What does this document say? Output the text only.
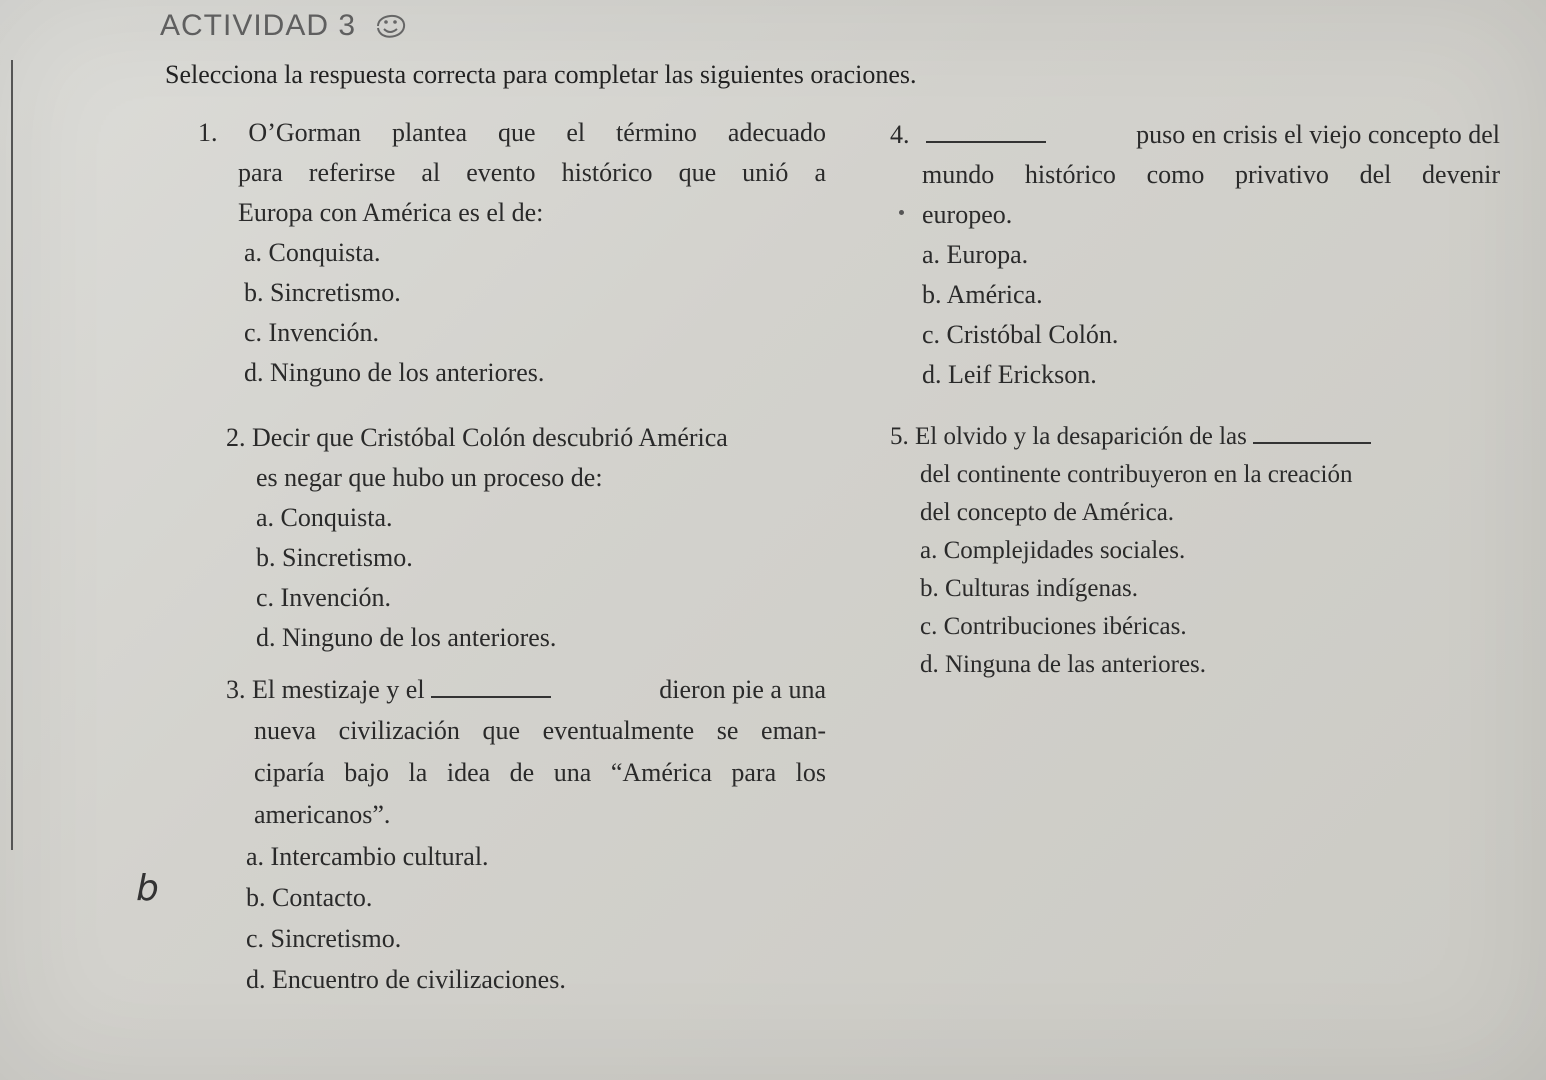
ACTIVIDAD 3
Selecciona la respuesta correcta para completar las siguientes oraciones.
1. O’Gorman plantea que el término adecuado
para referirse al evento histórico que unió a
Europa con América es el de:
a. Conquista.
b. Sincretismo.
c. Invención.
d. Ninguno de los anteriores.
2. Decir que Cristóbal Colón descubrió América
es negar que hubo un proceso de:
a. Conquista.
b. Sincretismo.
c. Invención.
d. Ninguno de los anteriores.
3. El mestizaje y el	dieron pie a una
nueva civilización que eventualmente se eman-
ciparía bajo la idea de una “América para los
americanos”.
a. Intercambio cultural.
b. Contacto.
c. Sincretismo.
d. Encuentro de civilizaciones.
4.	puso en crisis el viejo concepto del
mundo histórico como privativo del devenir
europeo.
a. Europa.
b. América.
c. Cristóbal Colón.
d. Leif Erickson.
5. El olvido y la desaparición de las
del continente contribuyeron en la creación
del concepto de América.
a. Complejidades sociales.
b. Culturas indígenas.
c. Contribuciones ibéricas.
d. Ninguna de las anteriores.
b
